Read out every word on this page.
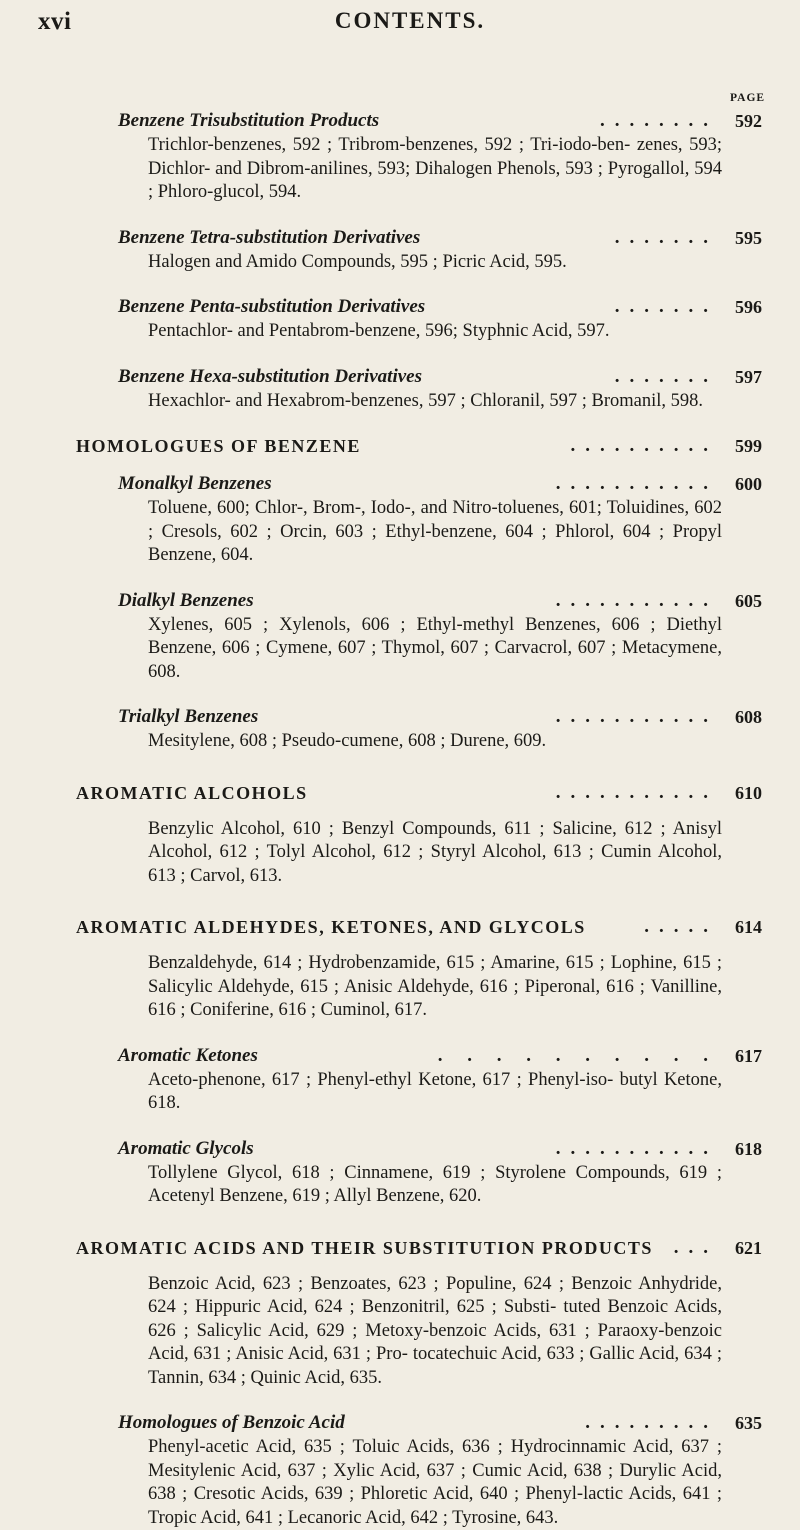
xvi	CONTENTS.
PAGE
Benzene Trisubstitution Products	........ 592
Trichlor-benzenes, 592 ; Tribrom-benzenes, 592 ; Tri-iodo-ben- zenes, 593; Dichlor- and Dibrom-anilines, 593; Dihalogen Phenols, 593 ; Pyrogallol, 594 ; Phloro-glucol, 594.
Benzene Tetra-substitution Derivatives	....... 595
Halogen and Amido Compounds, 595 ; Picric Acid, 595.
Benzene Penta-substitution Derivatives	....... 596
Pentachlor- and Pentabrom-benzene, 596; Styphnic Acid, 597.
Benzene Hexa-substitution Derivatives	....... 597
Hexachlor- and Hexabrom-benzenes, 597 ; Chloranil, 597 ; Bromanil, 598.
HOMOLOGUES OF BENZENE	.......... 599
Monalkyl Benzenes	........... 600
Toluene, 600; Chlor-, Brom-, Iodo-, and Nitro-toluenes, 601; Toluidines, 602 ; Cresols, 602 ; Orcin, 603 ; Ethyl-benzene, 604 ; Phlorol, 604 ; Propyl Benzene, 604.
Dialkyl Benzenes	........... 605
Xylenes, 605 ; Xylenols, 606 ; Ethyl-methyl Benzenes, 606 ; Diethyl Benzene, 606 ; Cymene, 607 ; Thymol, 607 ; Carvacrol, 607 ; Metacymene, 608.
Trialkyl Benzenes	........... 608
Mesitylene, 608 ; Pseudo-cumene, 608 ; Durene, 609.
AROMATIC ALCOHOLS	........... 610
Benzylic Alcohol, 610 ; Benzyl Compounds, 611 ; Salicine, 612 ; Anisyl Alcohol, 612 ; Tolyl Alcohol, 612 ; Styryl Alcohol, 613 ; Cumin Alcohol, 613 ; Carvol, 613.
AROMATIC ALDEHYDES, KETONES, AND GLYCOLS	..... 614
Benzaldehyde, 614 ; Hydrobenzamide, 615 ; Amarine, 615 ; Lophine, 615 ; Salicylic Aldehyde, 615 ; Anisic Aldehyde, 616 ; Piperonal, 616 ; Vanilline, 616 ; Coniferine, 616 ; Cuminol, 617.
Aromatic Ketones	. . . . . . . . . . 617
Aceto-phenone, 617 ; Phenyl-ethyl Ketone, 617 ; Phenyl-iso- butyl Ketone, 618.
Aromatic Glycols	........... 618
Tollylene Glycol, 618 ; Cinnamene, 619 ; Styrolene Compounds, 619 ; Acetenyl Benzene, 619 ; Allyl Benzene, 620.
AROMATIC ACIDS AND THEIR SUBSTITUTION PRODUCTS	... 621
Benzoic Acid, 623 ; Benzoates, 623 ; Populine, 624 ; Benzoic Anhydride, 624 ; Hippuric Acid, 624 ; Benzonitril, 625 ; Substi- tuted Benzoic Acids, 626 ; Salicylic Acid, 629 ; Metoxy-benzoic Acids, 631 ; Paraoxy-benzoic Acid, 631 ; Anisic Acid, 631 ; Pro- tocatechuic Acid, 633 ; Gallic Acid, 634 ; Tannin, 634 ; Quinic Acid, 635.
Homologues of Benzoic Acid	......... 635
Phenyl-acetic Acid, 635 ; Toluic Acids, 636 ; Hydrocinnamic Acid, 637 ; Mesitylenic Acid, 637 ; Xylic Acid, 637 ; Cumic Acid, 638 ; Durylic Acid, 638 ; Cresotic Acids, 639 ; Phloretic Acid, 640 ; Phenyl-lactic Acids, 641 ; Tropic Acid, 641 ; Lecanoric Acid, 642 ; Tyrosine, 643.
